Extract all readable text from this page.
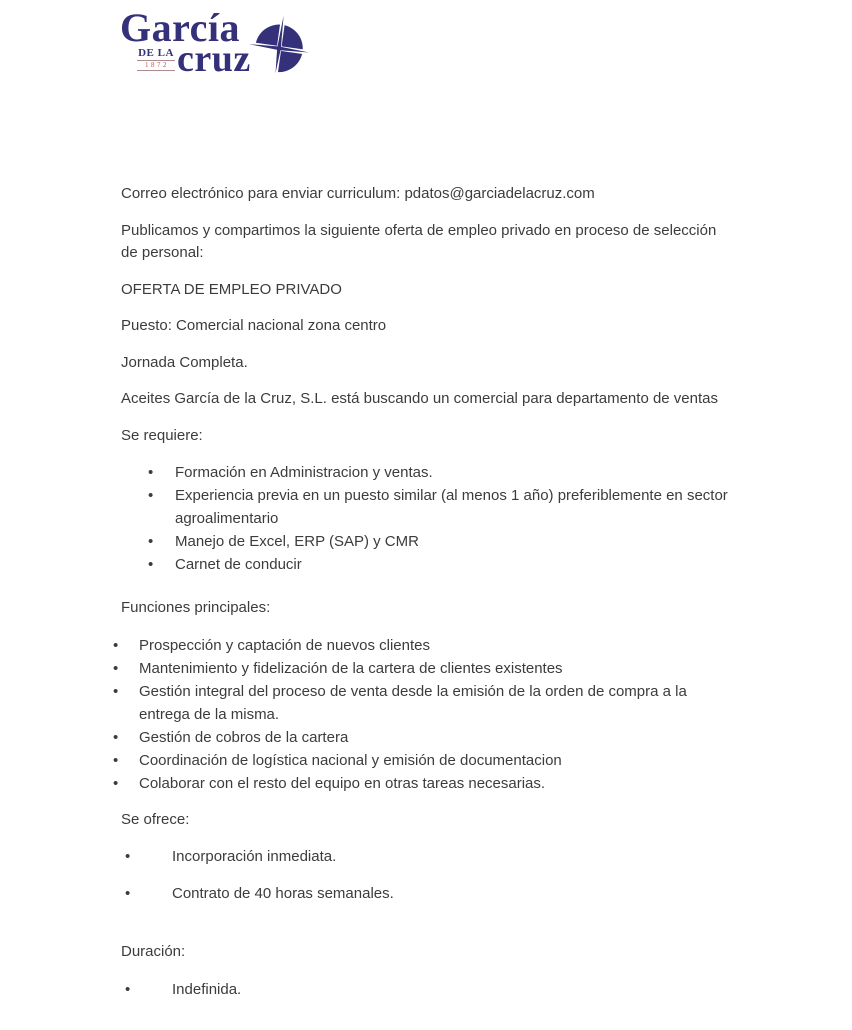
García
DE LA
1872 cruz

Correo electrónico para enviar curriculum: pdatos@garciadelacruz.com

Publicamos y compartimos la siguiente oferta de empleo privado en proceso de selección de personal:

OFERTA DE EMPLEO PRIVADO

Puesto: Comercial nacional zona centro

Jornada Completa.

Aceites García de la Cruz, S.L. está buscando un comercial para departamento de ventas

Se requiere:

•	Formación en Administracion y ventas.
•	Experiencia previa en un puesto similar (al menos 1 año) preferiblemente en sector agroalimentario
•	Manejo de Excel, ERP (SAP) y CMR
•	Carnet de conducir

Funciones principales:

•	Prospección y captación de nuevos clientes
•	Mantenimiento y fidelización de la cartera de clientes existentes
•	Gestión integral del proceso de venta desde la emisión de la orden de compra a la entrega de la misma.
•	Gestión de cobros de la cartera
•	Coordinación de logística nacional y emisión de documentacion
•	Colaborar con el resto del equipo en otras tareas necesarias.

Se ofrece:

•	Incorporación inmediata.
•	Contrato de 40 horas semanales.

Duración:

•	Indefinida.
